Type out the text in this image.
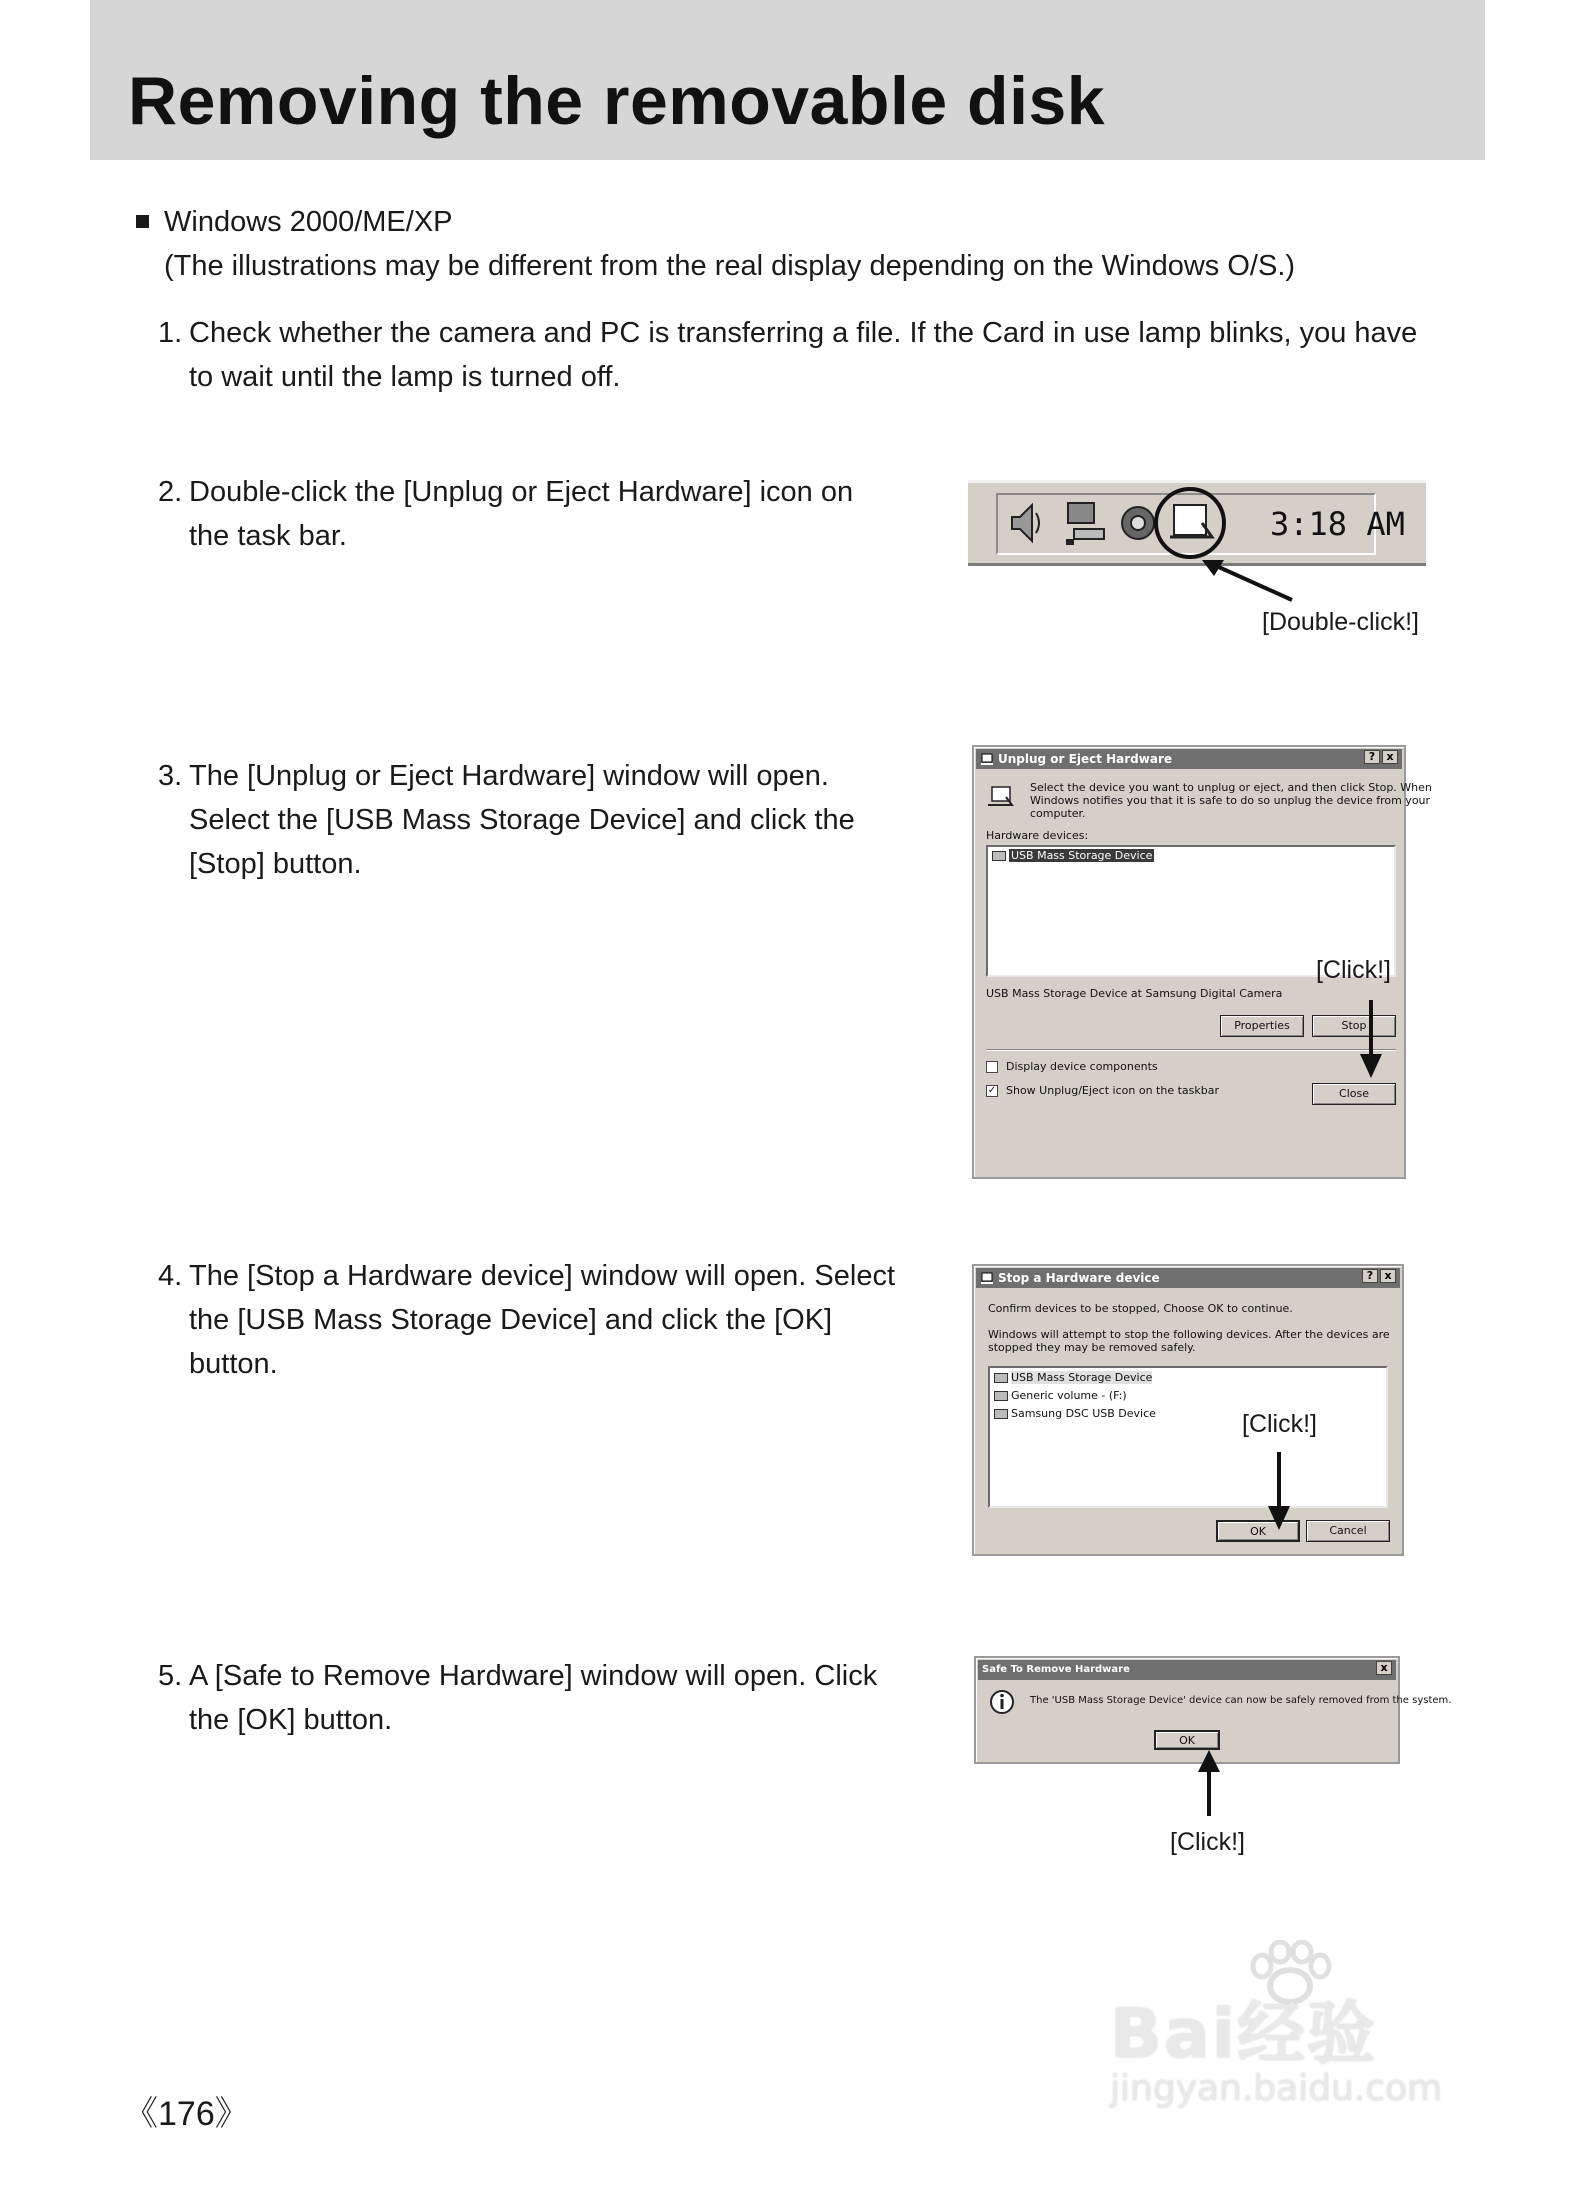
Removing the removable disk
Windows 2000/ME/XP
(The illustrations may be different from the real display depending on the Windows O/S.)
1. Check whether the camera and PC is transferring a file. If the Card in use lamp blinks, you have to wait until the lamp is turned off.
2. Double-click the [Unplug or Eject Hardware] icon on the task bar.	3:18 AM
[Double-click!]
3. The [Unplug or Eject Hardware] window will open. Select the [USB Mass Storage Device] and click the [Stop] button.
Unplug or Eject Hardware	?	x
Select the device you want to unplug or eject, and then click Stop. When
Windows notifies you that it is safe to do so unplug the device from your
computer.
Hardware devices:
USB Mass Storage Device
USB Mass Storage Device at Samsung Digital Camera
Properties	Stop
Display device components
✓ Show Unplug/Eject icon on the taskbar	Close
[Click!]
4. The [Stop a Hardware device] window will open. Select the [USB Mass Storage Device] and click the [OK] button.
Stop a Hardware device	?	x
Confirm devices to be stopped, Choose OK to continue.
Windows will attempt to stop the following devices. After the devices are
stopped they may be removed safely.
USB Mass Storage Device
Generic volume - (F:)
Samsung DSC USB Device
OK	Cancel
[Click!]
5. A [Safe to Remove Hardware] window will open. Click the [OK] button.
Safe To Remove Hardware	x
The 'USB Mass Storage Device' device can now be safely removed from the system.
OK
[Click!]
《176》
Bai经验
jingyan.baidu.com
